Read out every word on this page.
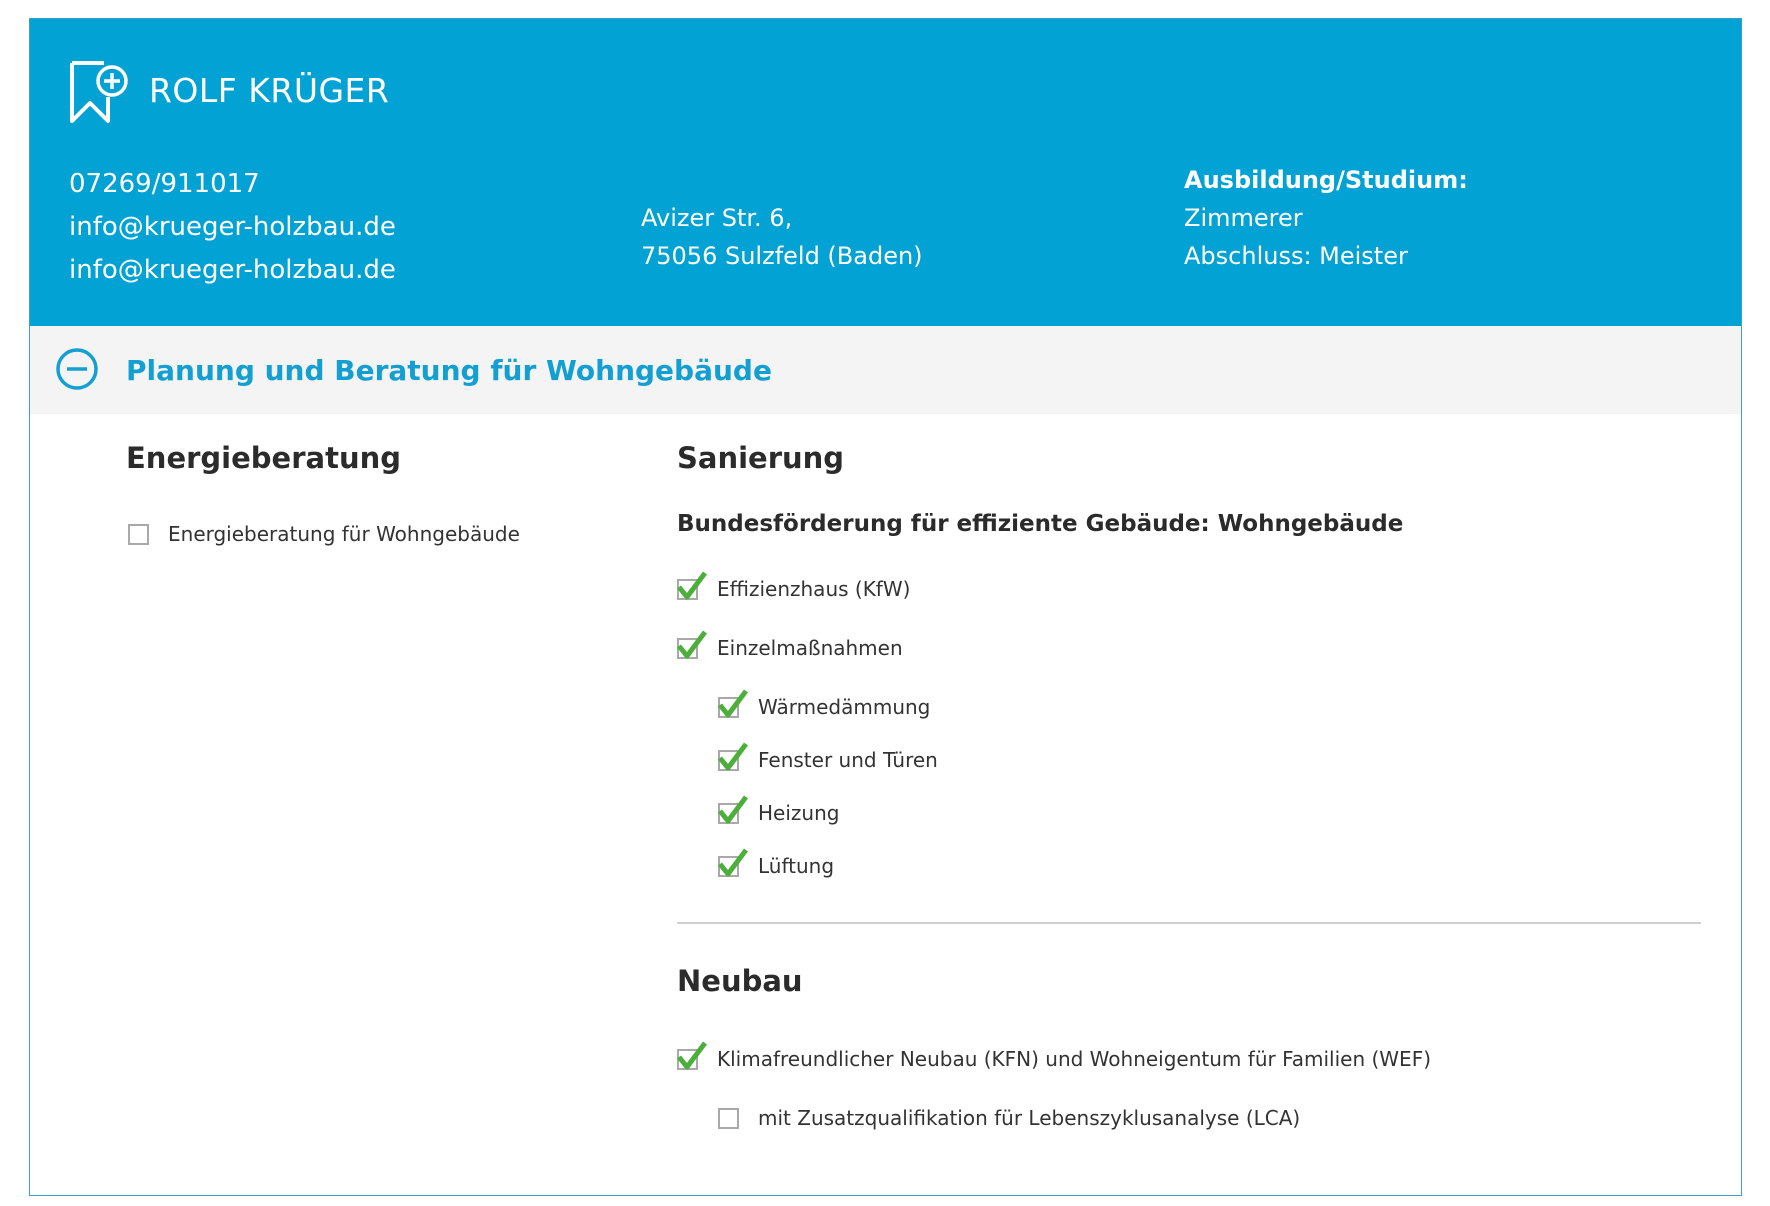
ROLF KRÜGER
07269/911017
info@krueger-holzbau.de
info@krueger-holzbau.de
Avizer Str. 6,
75056 Sulzfeld (Baden)
Ausbildung/Studium:
Zimmerer
Abschluss: Meister
Planung und Beratung für Wohngebäude
Energieberatung
Energieberatung für Wohngebäude
Sanierung
Bundesförderung für effiziente Gebäude: Wohngebäude
Effizienzhaus (KfW)
Einzelmaßnahmen
Wärmedämmung
Fenster und Türen
Heizung
Lüftung
Neubau
Klimafreundlicher Neubau (KFN) und Wohneigentum für Familien (WEF)
mit Zusatzqualifikation für Lebenszyklusanalyse (LCA)
